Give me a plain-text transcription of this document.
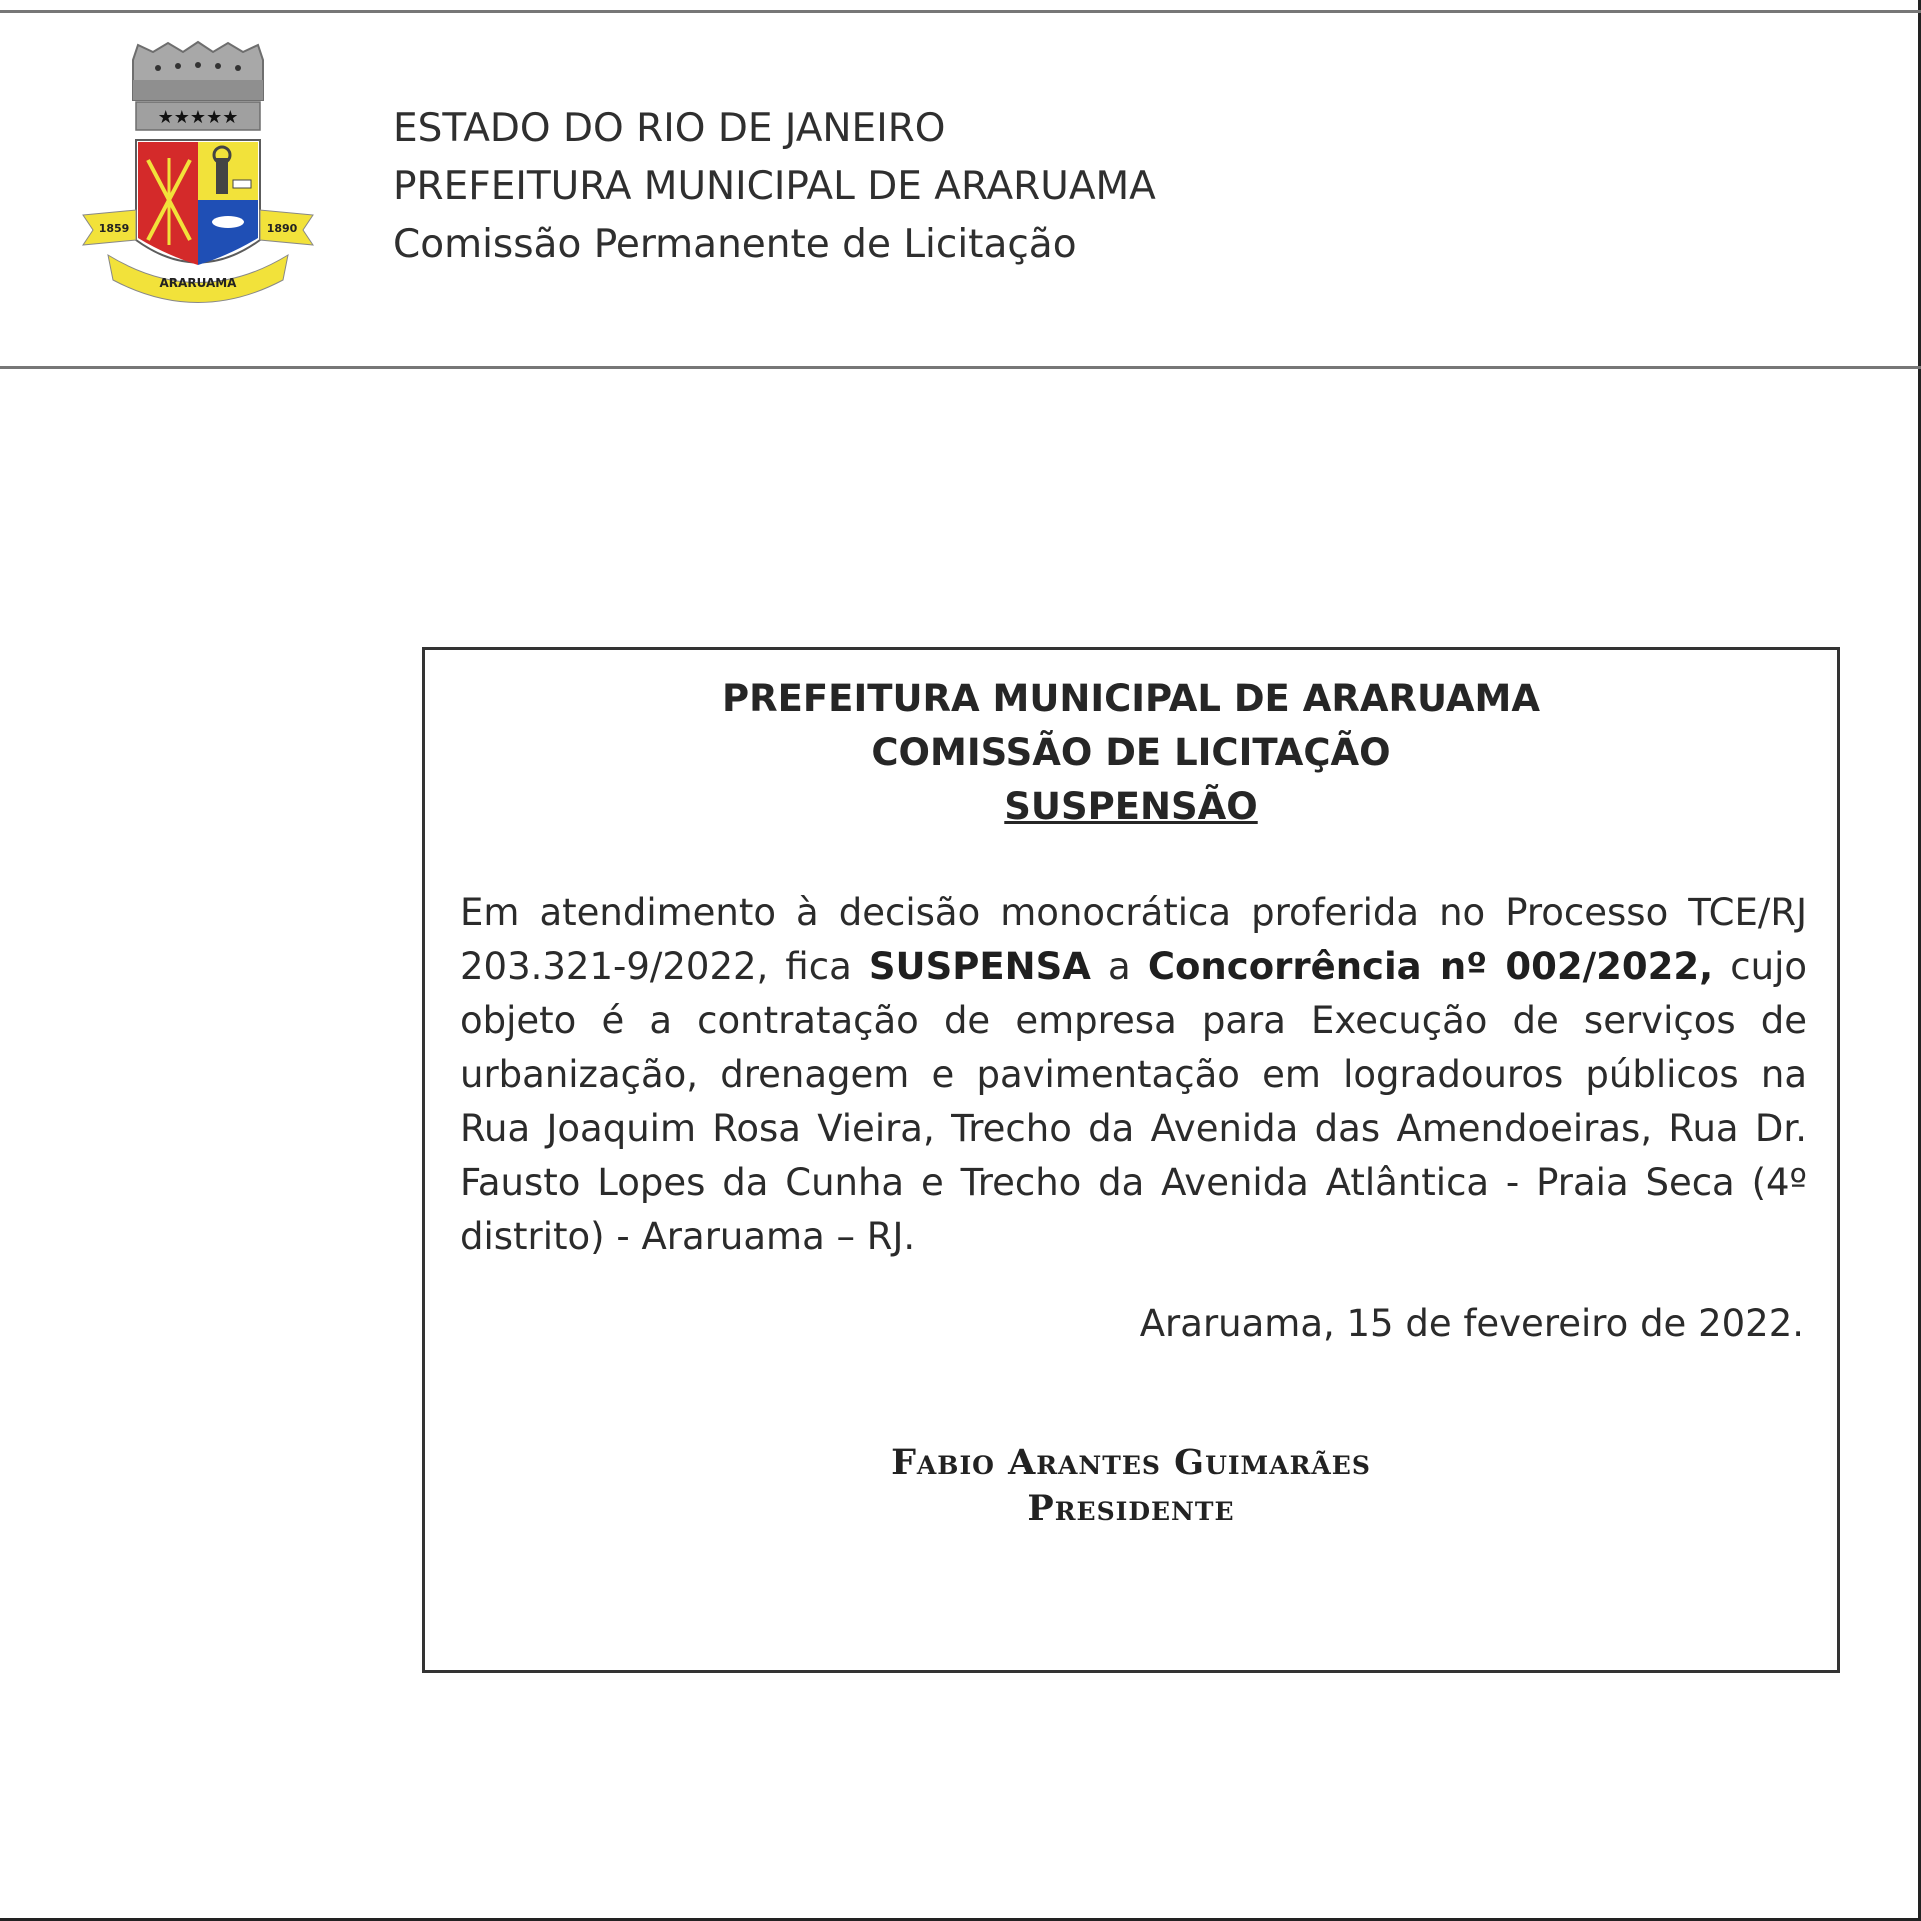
★★★★★
1859	1890
ARARUAMA
ESTADO DO RIO DE JANEIRO
PREFEITURA MUNICIPAL DE ARARUAMA
Comissão Permanente de Licitação
PREFEITURA MUNICIPAL DE ARARUAMA
COMISSÃO DE LICITAÇÃO
SUSPENSÃO
Em atendimento à decisão monocrática proferida no Processo TCE/RJ 203.321-9/2022, fica SUSPENSA a Concorrência nº 002/2022, cujo objeto é a contratação de empresa para Execução de serviços de urbanização, drenagem e pavimentação em logradouros públicos na Rua Joaquim Rosa Vieira, Trecho da Avenida das Amendoeiras, Rua Dr. Fausto Lopes da Cunha e Trecho da Avenida Atlântica - Praia Seca (4º distrito) - Araruama – RJ.
Araruama, 15 de fevereiro de 2022.
Fabio Arantes Guimarães
Presidente
